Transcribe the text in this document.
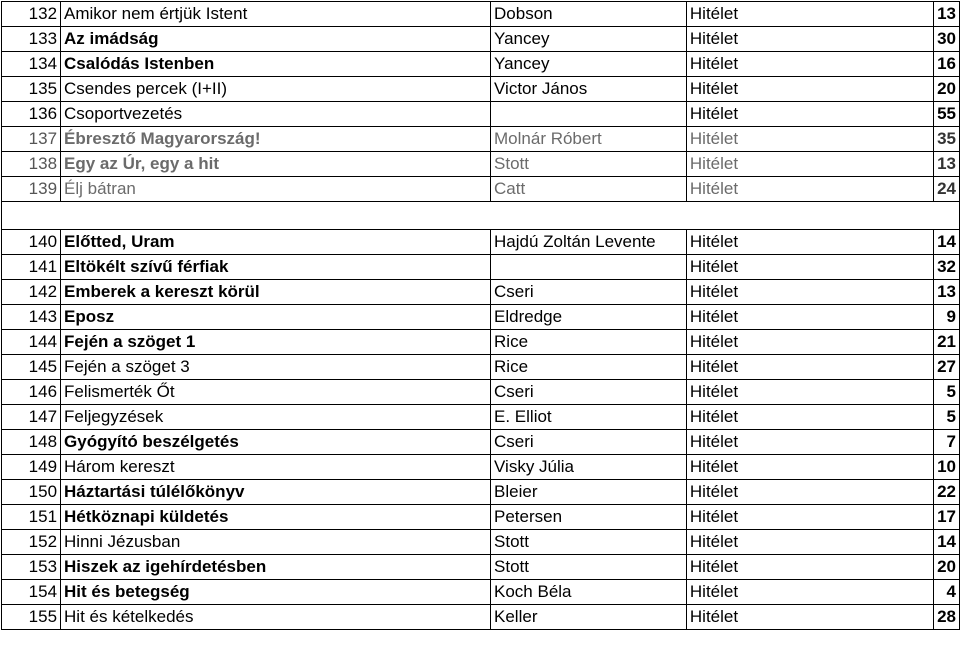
132	Amikor nem értjük Istent	Dobson	Hitélet	13
133	Az imádság	Yancey	Hitélet	30
134	Csalódás Istenben	Yancey	Hitélet	16
135	Csendes percek (I+II)	Victor János	Hitélet	20
136	Csoportvezetés		Hitélet	55
137	Ébresztő Magyarország!	Molnár Róbert	Hitélet	35
138	Egy az Úr, egy a hit	Stott	Hitélet	13
139	Élj bátran	Catt	Hitélet	24

140	Előtted, Uram	Hajdú Zoltán Levente	Hitélet	14
141	Eltökélt szívű férfiak		Hitélet	32
142	Emberek a kereszt körül	Cseri	Hitélet	13
143	Eposz	Eldredge	Hitélet	9
144	Fején a szöget 1	Rice	Hitélet	21
145	Fején a szöget 3	Rice	Hitélet	27
146	Felismerték Őt	Cseri	Hitélet	5
147	Feljegyzések	E. Elliot	Hitélet	5
148	Gyógyító beszélgetés	Cseri	Hitélet	7
149	Három kereszt	Visky Júlia	Hitélet	10
150	Háztartási túlélőkönyv	Bleier	Hitélet	22
151	Hétköznapi küldetés	Petersen	Hitélet	17
152	Hinni Jézusban	Stott	Hitélet	14
153	Hiszek az igehírdetésben	Stott	Hitélet	20
154	Hit és betegség	Koch Béla	Hitélet	4
155	Hit és kételkedés	Keller	Hitélet	28
